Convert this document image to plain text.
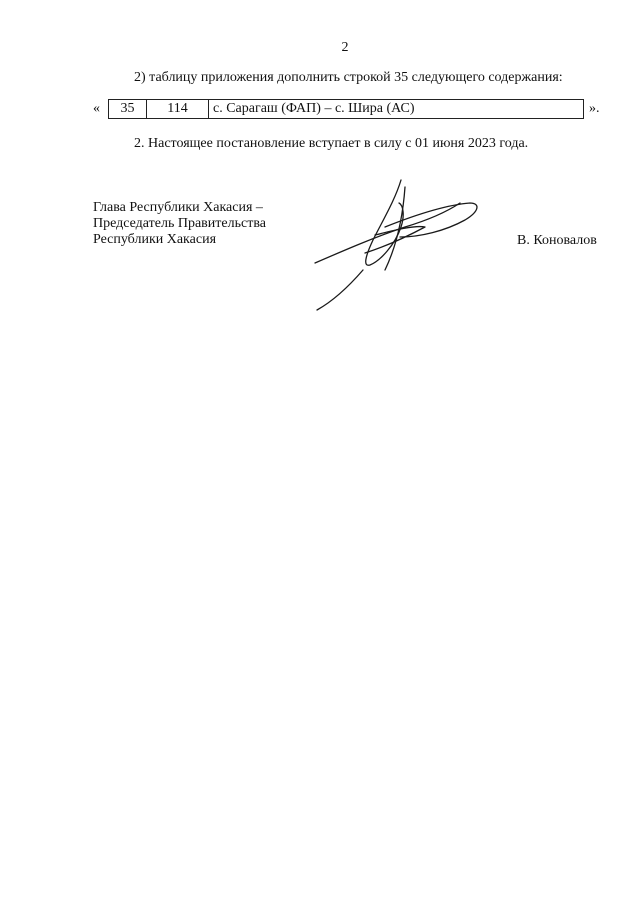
2
2) таблицу приложения дополнить строкой 35 следующего содержания:
«	35	114	с. Сарагаш (ФАП) – с. Шира (АС)	».
2. Настоящее постановление вступает в силу с 01 июня 2023 года.
Глава Республики Хакасия –
Председатель Правительства
Республики Хакасия	В. Коновалов
